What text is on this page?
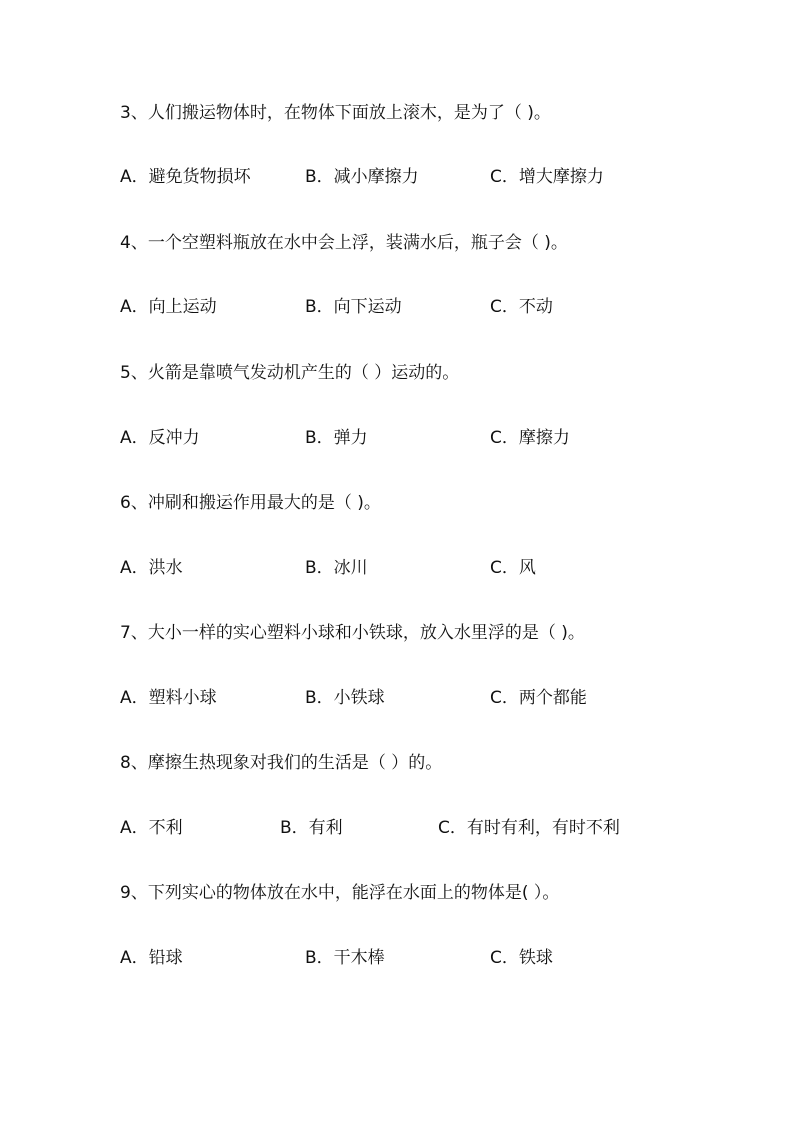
3、人们搬运物体时，在物体下面放上滚木，是为了（ )。
A．避免货物损坏	B．减小摩擦力	C．增大摩擦力
4、一个空塑料瓶放在水中会上浮，装满水后，瓶子会（ )。
A．向上运动	B．向下运动	C．不动
5、火箭是靠喷气发动机产生的（ ）运动的。
A．反冲力	B．弹力	C．摩擦力
6、冲刷和搬运作用最大的是（ )。
A．洪水	B．冰川	C．风
7、大小一样的实心塑料小球和小铁球，放入水里浮的是（ )。
A．塑料小球	B．小铁球	C．两个都能
8、摩擦生热现象对我们的生活是（ ）的。
A．不利	B．有利	C．有时有利，有时不利
9、下列实心的物体放在水中，能浮在水面上的物体是( ）。
A．铅球	B．干木棒	C．铁球
